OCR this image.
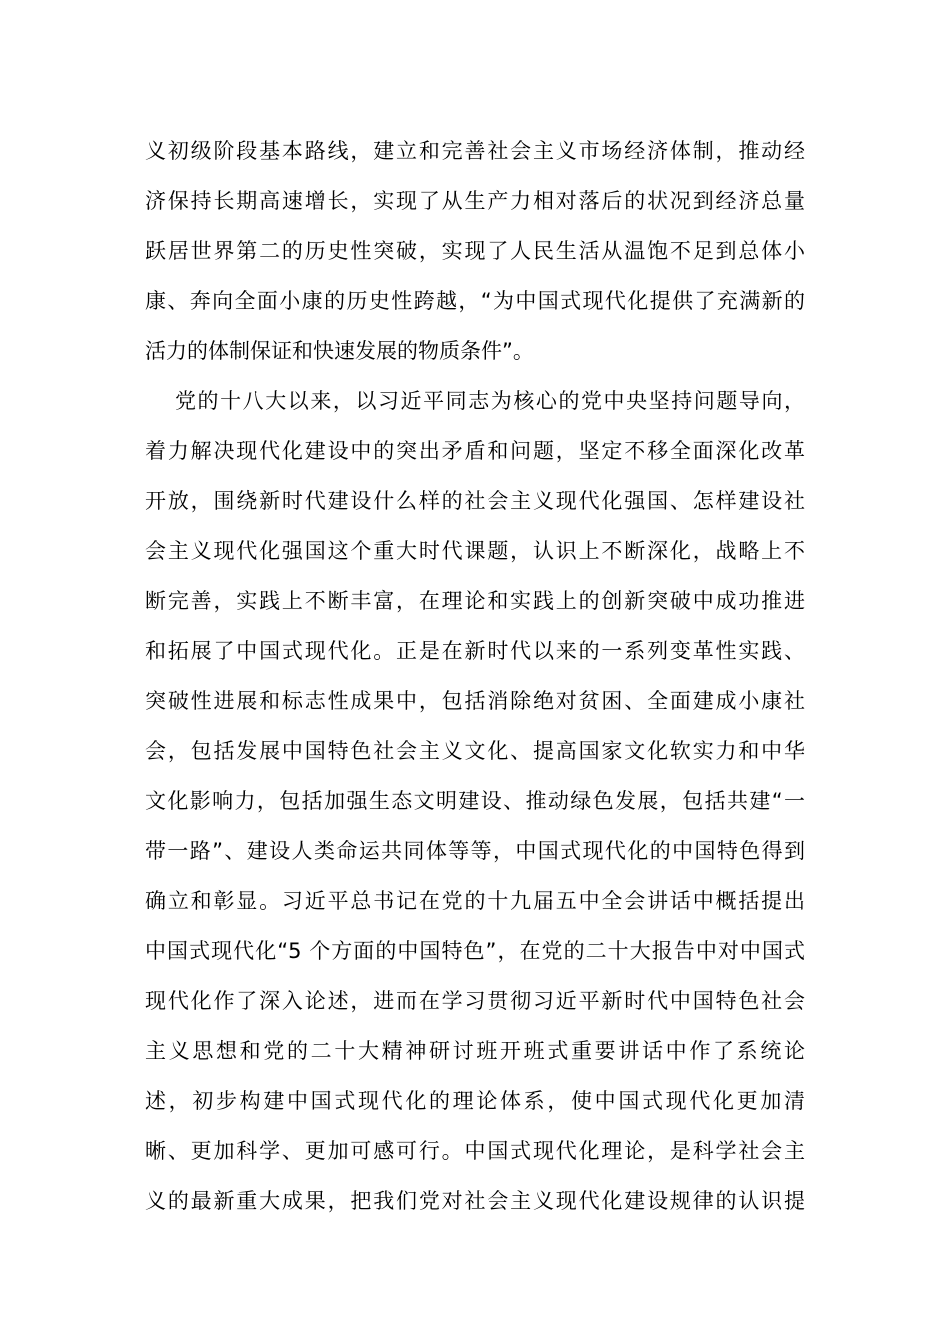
义初级阶段基本路线，建立和完善社会主义市场经济体制，推动经
济保持长期高速增长，实现了从生产力相对落后的状况到经济总量
跃居世界第二的历史性突破，实现了人民生活从温饱不足到总体小
康、奔向全面小康的历史性跨越，“为中国式现代化提供了充满新的
活力的体制保证和快速发展的物质条件”。
党的十八大以来，以习近平同志为核心的党中央坚持问题导向，
着力解决现代化建设中的突出矛盾和问题，坚定不移全面深化改革
开放，围绕新时代建设什么样的社会主义现代化强国、怎样建设社
会主义现代化强国这个重大时代课题，认识上不断深化，战略上不
断完善，实践上不断丰富，在理论和实践上的创新突破中成功推进
和拓展了中国式现代化。正是在新时代以来的一系列变革性实践、
突破性进展和标志性成果中，包括消除绝对贫困、全面建成小康社
会，包括发展中国特色社会主义文化、提高国家文化软实力和中华
文化影响力，包括加强生态文明建设、推动绿色发展，包括共建“一
带一路”、建设人类命运共同体等等，中国式现代化的中国特色得到
确立和彰显。习近平总书记在党的十九届五中全会讲话中概括提出
中国式现代化“5 个方面的中国特色”，在党的二十大报告中对中国式
现代化作了深入论述，进而在学习贯彻习近平新时代中国特色社会
主义思想和党的二十大精神研讨班开班式重要讲话中作了系统论
述，初步构建中国式现代化的理论体系，使中国式现代化更加清
晰、更加科学、更加可感可行。中国式现代化理论，是科学社会主
义的最新重大成果，把我们党对社会主义现代化建设规律的认识提
